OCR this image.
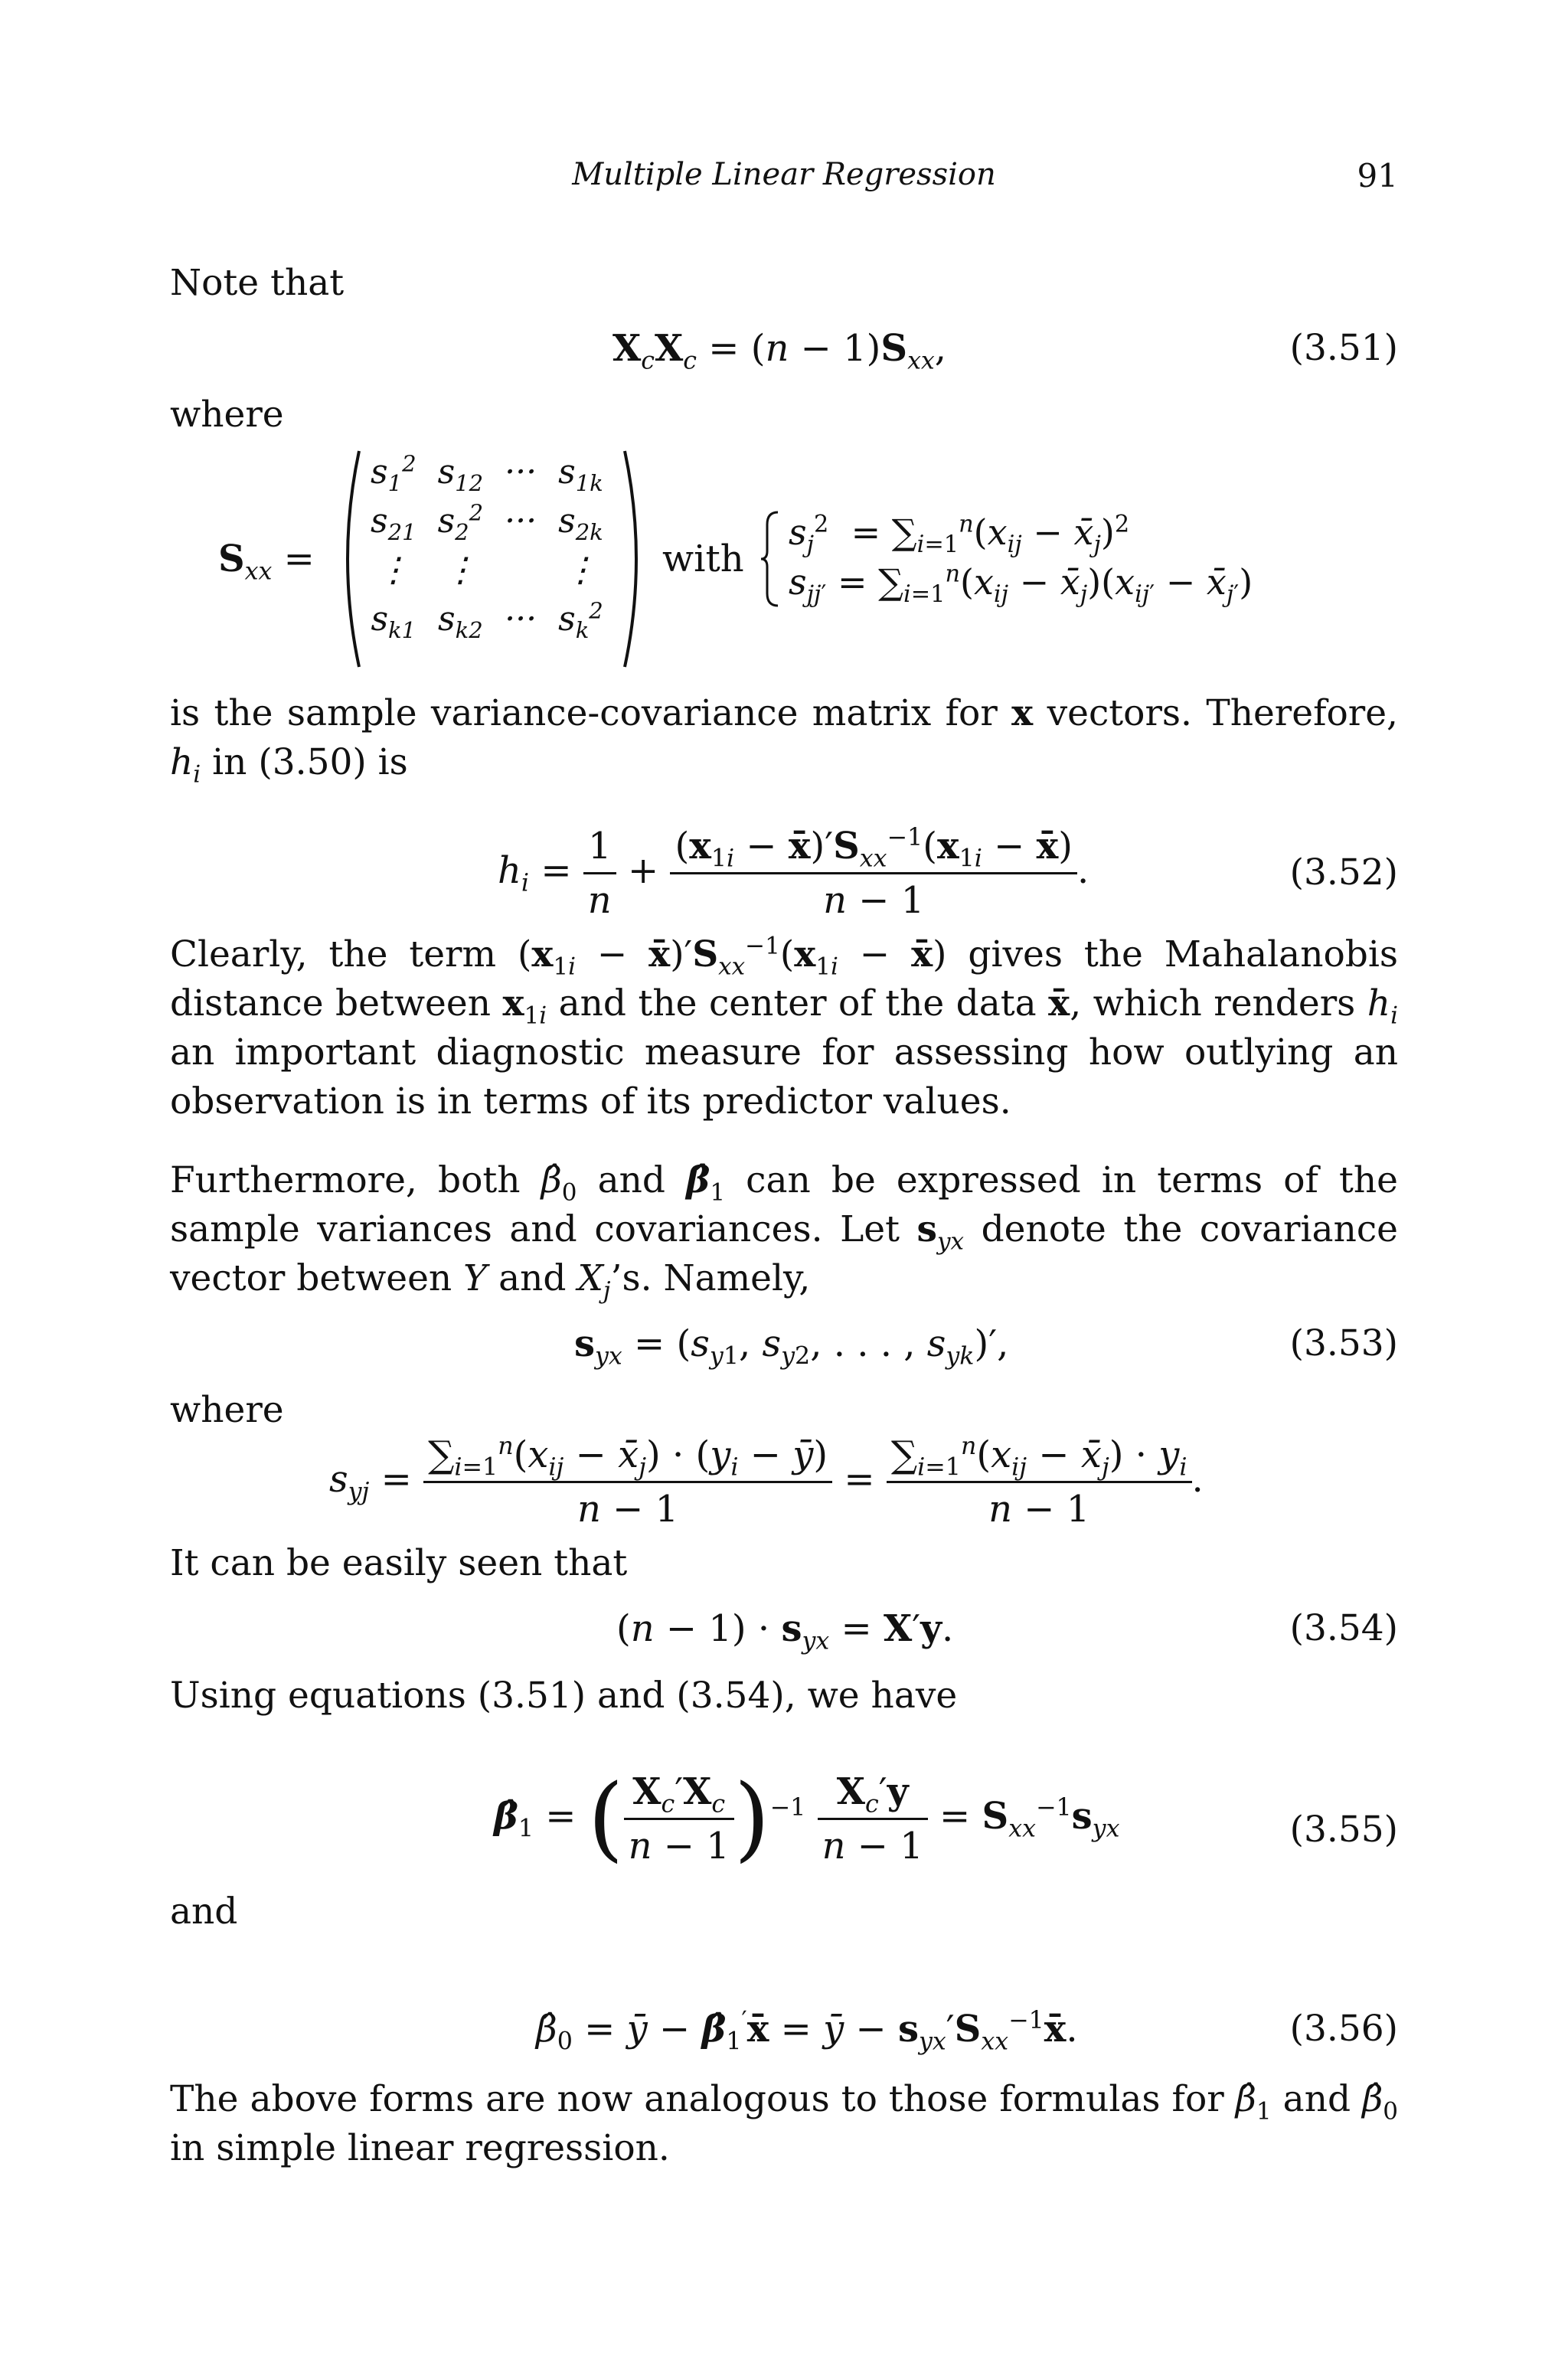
Multiple Linear Regression	91
Note that
$X_cX_c = (n - 1)S_{xx}$,	(3.51)
where
$S_{xx}$ =
$s_1^2$	$s_{12}$	···	$s_{1k}$
$s_{21}$	$s_2^2$	···	$s_{2k}$
⋮	⋮		⋮
$s_{k1}$	$s_{k2}$	···	$s_k^2$
with
$s_j^2 = \sum_{i=1}^n(x_{ij}$ − $x̄_j)^2$
$s_{jj'} = \sum_{i=1}^n(x_{ij}$ − $x̄_j)(x_{ij'}$ − $x̄_{j'}$)
is the sample variance-covariance matrix for x vectors. Therefore, $h_i$ in (3.50) is
$h_i = \frac{1}{n} + \frac{(x_{1i} - x̄)'S_{xx}^{-1}(x_{1i} - x̄)}{n - 1}$ .	(3.52)
Clearly, the term ($x_{1i}$ − $x̄)'S_{xx}^{-1}(x_{1i}$ − x̄) gives the Mahalanobis distance between $x_{1i}$ and the center of the data x̄, which renders $h_i$ an important diagnostic measure for assessing how outlying an observation is in terms of its predictor values.
Furthermore, both $\betâ_0$ and $\betâ_1$ can be expressed in terms of the sample variances and covariances. Let $s_{yx}$ denote the covariance vector between Y and $X_j’s$. Namely,
$s_{yx} = (s_{y1}$, $s_{y2}$, . . . , $s_{yk})'$,	(3.53)
where
$s_{yj} = \frac{\sum_{i=1}^n(x_{ij} - x̄_j) \cdot (y_i - ȳ)}{n - 1} = \frac{\sum_{i=1}^n(x_{ij} - x̄_j) \cdot y_i}{n - 1}$ .
It can be easily seen that
$(n - 1) \cdot s_{yx} = X'y$.	(3.54)
Using equations (3.51) and (3.54), we have
$\betâ_1$ = ( $\frac{X_c'X_c}{n - 1} )^{-1} \frac{X_c'y}{n - 1} = S_{xx}^{-1}s_{yx}$	(3.55)
and
$\betâ_0$ = ȳ − $\betâ_1'x̄$ = ȳ − $s_{yx}'S_{xx}^{-1}x̄$.	(3.56)
The above forms are now analogous to those formulas for $\betâ_1$ and $\betâ_0$ in simple linear regression.
